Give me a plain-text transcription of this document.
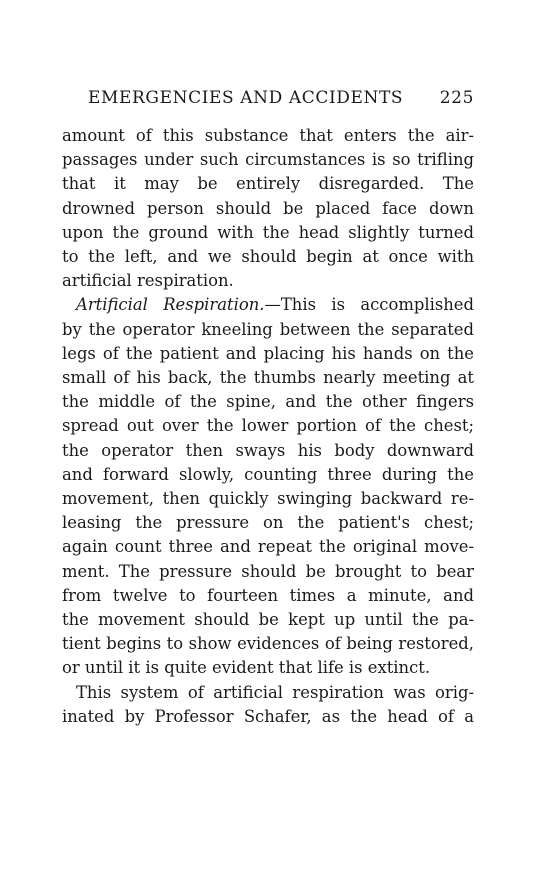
EMERGENCIES AND ACCIDENTS 225
amount of this substance that enters the air-
passages under such circumstances is so trifling
that it may be entirely disregarded. The
drowned person should be placed face down
upon the ground with the head slightly turned
to the left, and we should begin at once with
artificial respiration.
Artificial Respiration.—This is accomplished
by the operator kneeling between the separated
legs of the patient and placing his hands on the
small of his back, the thumbs nearly meeting at
the middle of the spine, and the other fingers
spread out over the lower portion of the chest;
the operator then sways his body downward
and forward slowly, counting three during the
movement, then quickly swinging backward re-
leasing the pressure on the patient's chest;
again count three and repeat the original move-
ment. The pressure should be brought to bear
from twelve to fourteen times a minute, and
the movement should be kept up until the pa-
tient begins to show evidences of being restored,
or until it is quite evident that life is extinct.
This system of artificial respiration was orig-
inated by Professor Schafer, as the head of a
